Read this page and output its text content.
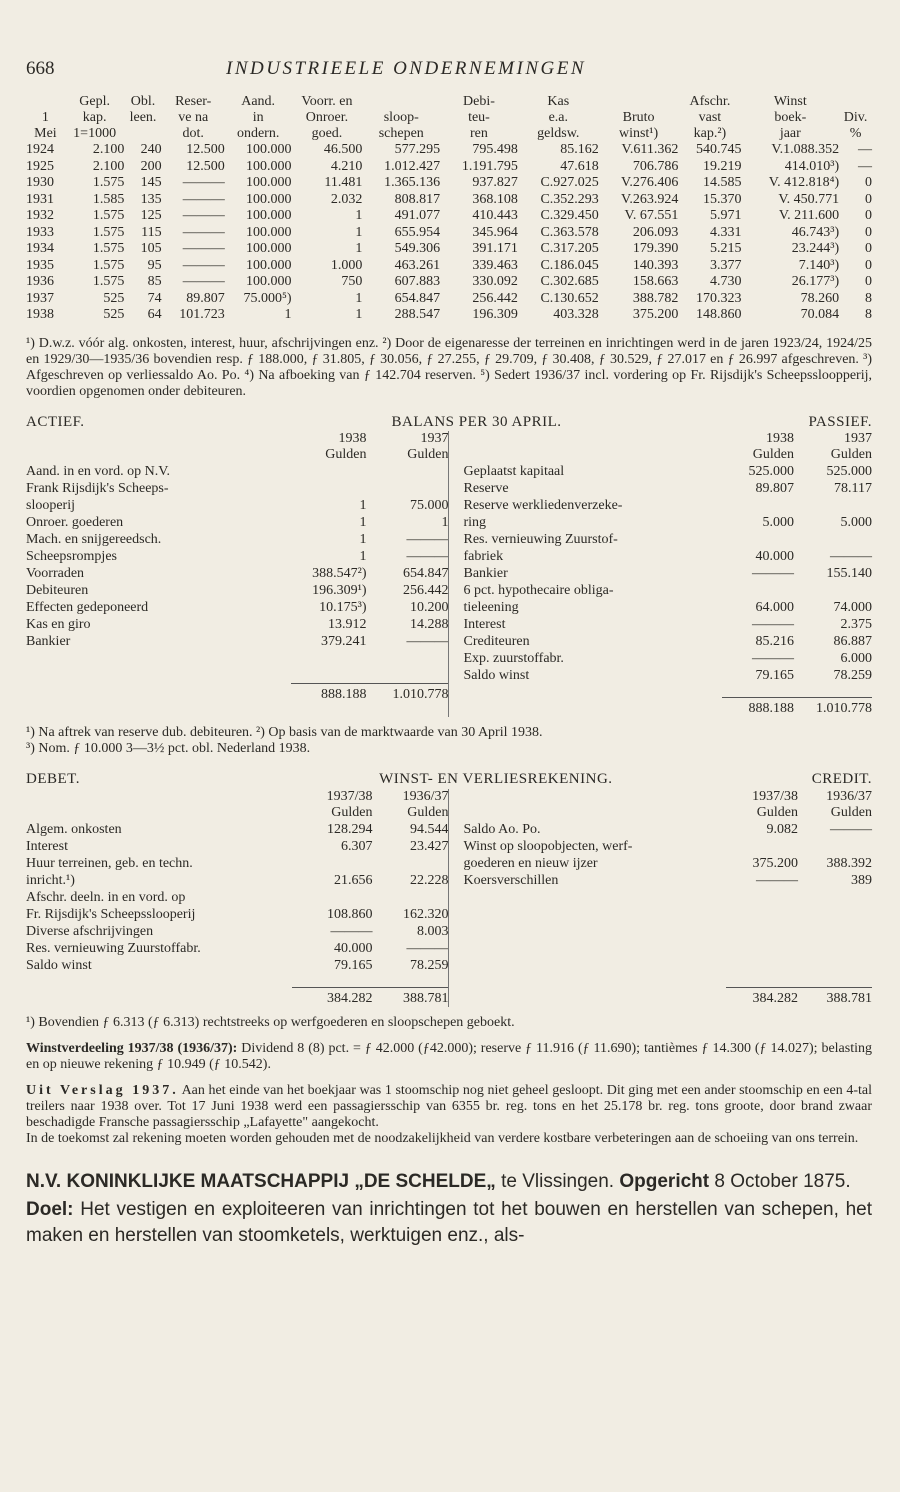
668	INDUSTRIEELE ONDERNEMINGEN
	Gepl.	Obl.	Reser-	Aand.	Voorr. en		Debi-	Kas		Afschr.	Winst	
1	kap.	leen.	ve na	in	Onroer.	sloop-	teu-	e.a.	Bruto	vast	boek-	Div.
Mei	1=1000		dot.	ondern.	goed.	schepen	ren	geldsw.	winst¹)	kap.²)	jaar	%
1924	2.100	240	12.500	100.000	46.500	577.295	795.498	85.162	V.611.362	540.745	V.1.088.352	—
1925	2.100	200	12.500	100.000	4.210	1.012.427	1.191.795	47.618	706.786	19.219	414.010³)	—
1930	1.575	145	———	100.000	11.481	1.365.136	937.827	C.927.025	V.276.406	14.585	V. 412.818⁴)	0
1931	1.585	135	———	100.000	2.032	808.817	368.108	C.352.293	V.263.924	15.370	V. 450.771	0
1932	1.575	125	———	100.000	1	491.077	410.443	C.329.450	V. 67.551	5.971	V. 211.600	0
1933	1.575	115	———	100.000	1	655.954	345.964	C.363.578	206.093	4.331	46.743³)	0
1934	1.575	105	———	100.000	1	549.306	391.171	C.317.205	179.390	5.215	23.244³)	0
1935	1.575	95	———	100.000	1.000	463.261	339.463	C.186.045	140.393	3.377	7.140³)	0
1936	1.575	85	———	100.000	750	607.883	330.092	C.302.685	158.663	4.730	26.177³)	0
1937	525	74	89.807	75.000⁵)	1	654.847	256.442	C.130.652	388.782	170.323	78.260	8
1938	525	64	101.723	1	1	288.547	196.309	403.328	375.200	148.860	70.084	8
¹) D.w.z. vóór alg. onkosten, interest, huur, afschrijvingen enz. ²) Door de eigenaresse der terreinen en inrichtingen werd in de jaren 1923/24, 1924/25 en 1929/30—1935/36 bovendien resp. ƒ 188.000, ƒ 31.805, ƒ 30.056, ƒ 27.255, ƒ 29.709, ƒ 30.408, ƒ 30.529, ƒ 27.017 en ƒ 26.997 afgeschreven. ³) Afgeschreven op verliessaldo Ao. Po. ⁴) Na afboeking van ƒ 142.704 reserven. ⁵) Sedert 1936/37 incl. vordering op Fr. Rijsdijk's Scheepssloopperij, voordien opgenomen onder debiteuren.
ACTIEF.	BALANS PER 30 APRIL.	PASSIEF.
	1938	1937
	Gulden	Gulden
Aand. in en vord. op N.V.		
Frank Rijsdijk's Scheeps-		
slooperij	1	75.000
Onroer. goederen	1	1
Mach. en snijgereedsch.	1	———
Scheepsrompjes	1	———
Voorraden	388.547²)	654.847
Debiteuren	196.309¹)	256.442
Effecten gedeponeerd	10.175³)	10.200
Kas en giro	13.912	14.288
Bankier	379.241	———

	888.188	1.010.778
	1938	1937
	Gulden	Gulden
Geplaatst kapitaal	525.000	525.000
Reserve	89.807	78.117
Reserve werkliedenverzeke-		
ring	5.000	5.000
Res. vernieuwing Zuurstof-		
fabriek	40.000	———
Bankier	———	155.140
6 pct. hypothecaire obliga-		
tieleening	64.000	74.000
Interest	———	2.375
Crediteuren	85.216	86.887
Exp. zuurstoffabr.	———	6.000
Saldo winst	79.165	78.259

	888.188	1.010.778
¹) Na aftrek van reserve dub. debiteuren. ²) Op basis van de marktwaarde van 30 April 1938.
³) Nom. ƒ 10.000 3—3½ pct. obl. Nederland 1938.
DEBET.	WINST- EN VERLIESREKENING.	CREDIT.
	1937/38	1936/37
	Gulden	Gulden
Algem. onkosten	128.294	94.544
Interest	6.307	23.427
Huur terreinen, geb. en techn.		
inricht.¹)	21.656	22.228
Afschr. deeln. in en vord. op		
Fr. Rijsdijk's Scheepsslooperij	108.860	162.320
Diverse afschrijvingen	———	8.003
Res. vernieuwing Zuurstoffabr.	40.000	———
Saldo winst	79.165	78.259

	384.282	388.781
	1937/38	1936/37
	Gulden	Gulden
Saldo Ao. Po.	9.082	———
Winst op sloopobjecten, werf-		
goederen en nieuw ijzer	375.200	388.392
Koersverschillen	———	389

	384.282	388.781
¹) Bovendien ƒ 6.313 (ƒ 6.313) rechtstreeks op werfgoederen en sloopschepen geboekt.
Winstverdeeling 1937/38 (1936/37): Dividend 8 (8) pct. = ƒ 42.000 (ƒ42.000); reserve ƒ 11.916 (ƒ 11.690); tantièmes ƒ 14.300 (ƒ 14.027); belasting en op nieuwe rekening ƒ 10.949 (ƒ 10.542).
Uit Verslag 1937. Aan het einde van het boekjaar was 1 stoomschip nog niet geheel gesloopt. Dit ging met een ander stoomschip en een 4-tal treilers naar 1938 over. Tot 17 Juni 1938 werd een passagiersschip van 6355 br. reg. tons en het 25.178 br. reg. tons groote, door brand zwaar beschadigde Fransche passagiersschip „Lafayette" aangekocht.
In de toekomst zal rekening moeten worden gehouden met de noodzakelijkheid van verdere kostbare verbeteringen aan de schoeiing van ons terrein.
N.V. KONINKLIJKE MAATSCHAPPIJ „DE SCHELDE„ te Vlissingen. Opgericht 8 October 1875.
Doel: Het vestigen en exploiteeren van inrichtingen tot het bouwen en herstellen van schepen, het maken en herstellen van stoomketels, werktuigen enz., als-
